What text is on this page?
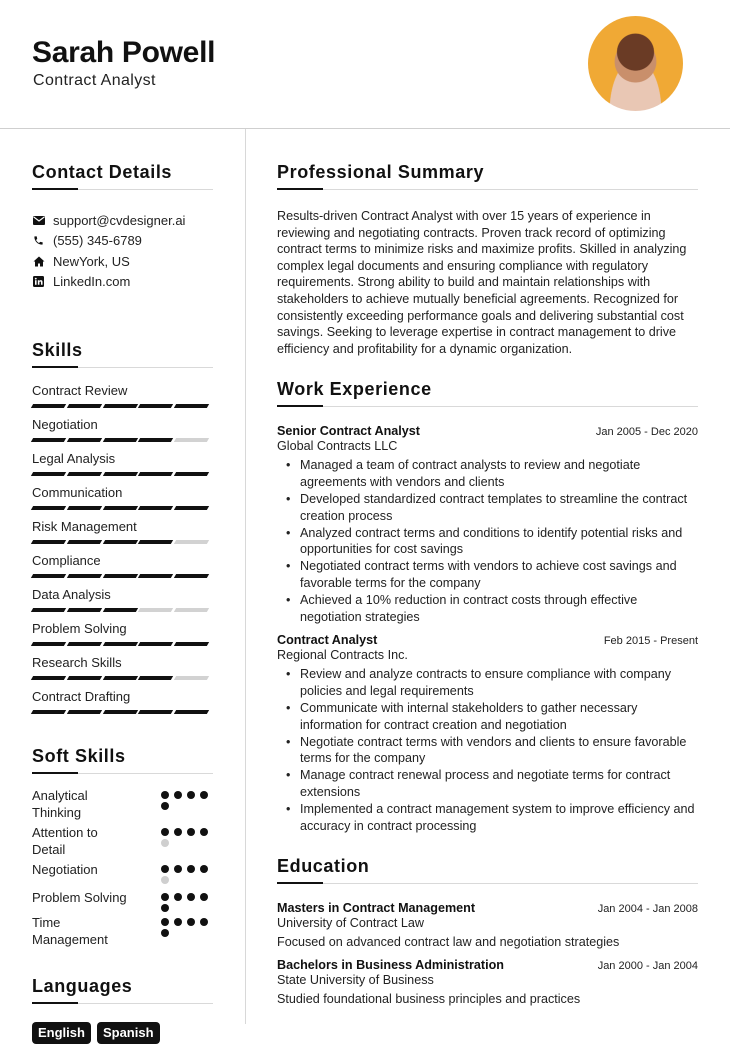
Sarah Powell
Contract Analyst
Contact Details
support@cvdesigner.ai
(555) 345-6789
NewYork, US
LinkedIn.com
Skills
Contract Review
Negotiation
Legal Analysis
Communication
Risk Management
Compliance
Data Analysis
Problem Solving
Research Skills
Contract Drafting
Soft Skills
Analytical Thinking
Attention to Detail
Negotiation
Problem Solving
Time Management
Languages
English	Spanish
Professional Summary

Results-driven Contract Analyst with over 15 years of experience in reviewing and negotiating contracts. Proven track record of optimizing contract terms to minimize risks and maximize profits. Skilled in analyzing complex legal documents and ensuring compliance with regulatory requirements. Strong ability to build and maintain relationships with stakeholders to achieve mutually beneficial agreements. Recognized for consistently exceeding performance goals and delivering substantial cost savings. Seeking to leverage expertise in contract management to drive efficiency and profitability for a dynamic organization.

Work Experience
Senior Contract Analyst	Jan 2005 - Dec 2020
Global Contracts LLC
• Managed a team of contract analysts to review and negotiate agreements with vendors and clients
• Developed standardized contract templates to streamline the contract creation process
• Analyzed contract terms and conditions to identify potential risks and opportunities for cost savings
• Negotiated contract terms with vendors to achieve cost savings and favorable terms for the company
• Achieved a 10% reduction in contract costs through effective negotiation strategies
Contract Analyst	Feb 2015 - Present
Regional Contracts Inc.
• Review and analyze contracts to ensure compliance with company policies and legal requirements
• Communicate with internal stakeholders to gather necessary information for contract creation and negotiation
• Negotiate contract terms with vendors and clients to ensure favorable terms for the company
• Manage contract renewal process and negotiate terms for contract extensions
• Implemented a contract management system to improve efficiency and accuracy in contract processing
Education
Masters in Contract Management	Jan 2004 - Jan 2008
University of Contract Law
Focused on advanced contract law and negotiation strategies
Bachelors in Business Administration	Jan 2000 - Jan 2004
State University of Business
Studied foundational business principles and practices
